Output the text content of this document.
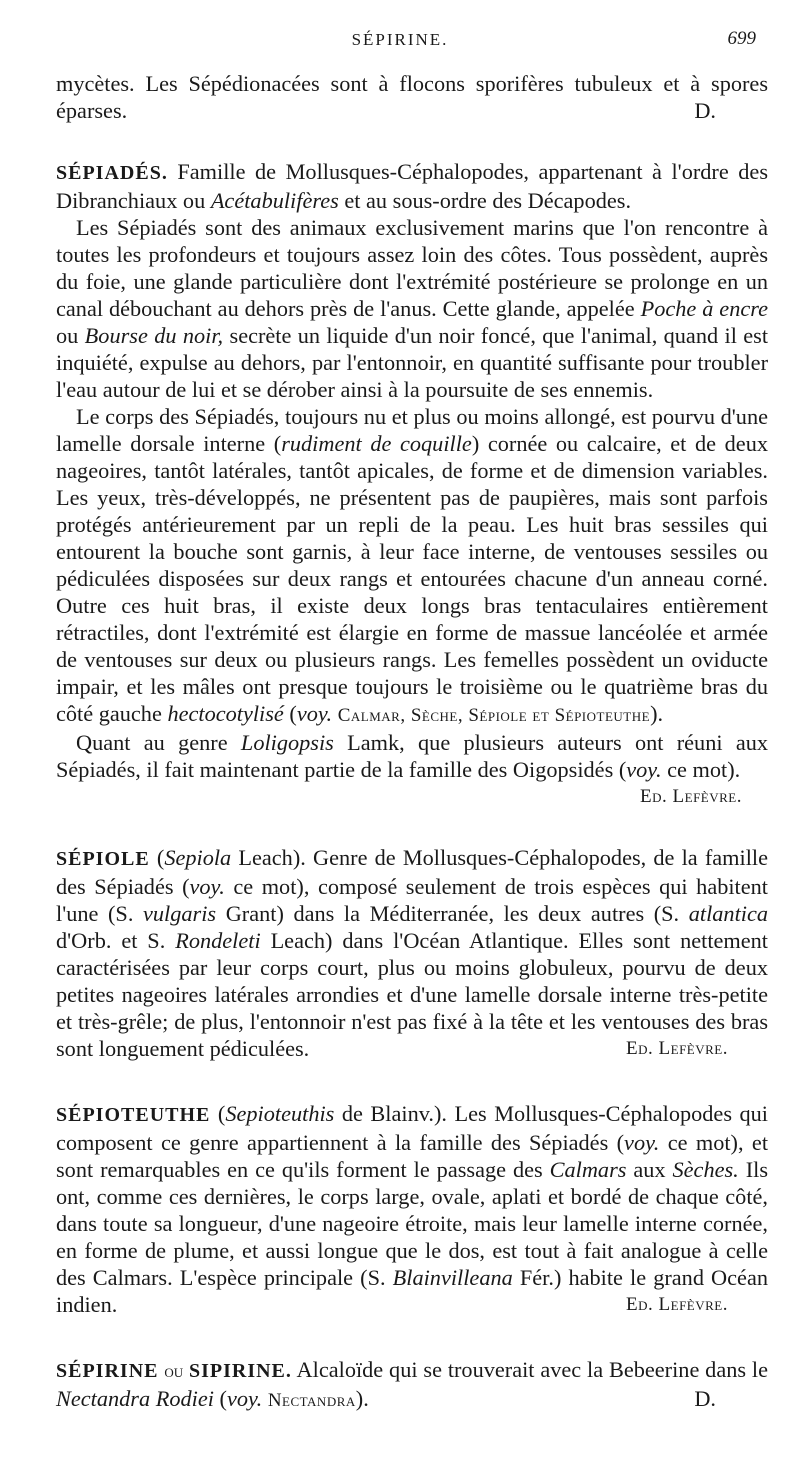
SÉPIRINE.	699

mycètes. Les Sépédionacées sont à flocons sporifères tubuleux et à spores éparses.	D.

SÉPIADÉS. Famille de Mollusques-Céphalopodes, appartenant à l'ordre des Dibranchiaux ou Acétabulifères et au sous-ordre des Décapodes.

Les Sépiadés sont des animaux exclusivement marins que l'on rencontre à toutes les profondeurs et toujours assez loin des côtes. Tous possèdent, auprès du foie, une glande particulière dont l'extrémité postérieure se prolonge en un canal débouchant au dehors près de l'anus. Cette glande, appelée Poche à encre ou Bourse du noir, secrète un liquide d'un noir foncé, que l'animal, quand il est inquiété, expulse au dehors, par l'entonnoir, en quantité suffisante pour troubler l'eau autour de lui et se dérober ainsi à la poursuite de ses ennemis.

Le corps des Sépiadés, toujours nu et plus ou moins allongé, est pourvu d'une lamelle dorsale interne (rudiment de coquille) cornée ou calcaire, et de deux nageoires, tantôt latérales, tantôt apicales, de forme et de dimension variables. Les yeux, très-développés, ne présentent pas de paupières, mais sont parfois protégés antérieurement par un repli de la peau. Les huit bras sessiles qui entourent la bouche sont garnis, à leur face interne, de ventouses sessiles ou pédiculées disposées sur deux rangs et entourées chacune d'un anneau corné. Outre ces huit bras, il existe deux longs bras tentaculaires entièrement rétractiles, dont l'extrémité est élargie en forme de massue lancéolée et armée de ventouses sur deux ou plusieurs rangs. Les femelles possèdent un oviducte impair, et les mâles ont presque toujours le troisième ou le quatrième bras du côté gauche hectocotylisé (voy. Calmar, Sèche, Sépiole et Sépioteuthe).

Quant au genre Loligopsis Lamk, que plusieurs auteurs ont réuni aux Sépiadés, il fait maintenant partie de la famille des Oigopsidés (voy. ce mot).

Ed. Lefèvre.

SÉPIOLE (Sepiola Leach). Genre de Mollusques-Céphalopodes, de la famille des Sépiadés (voy. ce mot), composé seulement de trois espèces qui habitent l'une (S. vulgaris Grant) dans la Méditerranée, les deux autres (S. atlantica d'Orb. et S. Rondeleti Leach) dans l'Océan Atlantique. Elles sont nettement caractérisées par leur corps court, plus ou moins globuleux, pourvu de deux petites nageoires latérales arrondies et d'une lamelle dorsale interne très-petite et très-grêle; de plus, l'entonnoir n'est pas fixé à la tête et les ventouses des bras sont longuement pédiculées.	Ed. Lefèvre.

SÉPIOTEUTHE (Sepioteuthis de Blainv.). Les Mollusques-Céphalopodes qui composent ce genre appartiennent à la famille des Sépiadés (voy. ce mot), et sont remarquables en ce qu'ils forment le passage des Calmars aux Sèches. Ils ont, comme ces dernières, le corps large, ovale, aplati et bordé de chaque côté, dans toute sa longueur, d'une nageoire étroite, mais leur lamelle interne cornée, en forme de plume, et aussi longue que le dos, est tout à fait analogue à celle des Calmars. L'espèce principale (S. Blainvilleana Fér.) habite le grand Océan indien.	Ed. Lefèvre.

SÉPIRINE ou SIPIRINE. Alcaloïde qui se trouverait avec la Bebeerine dans le Nectandra Rodiei (voy. Nectandra).	D.
